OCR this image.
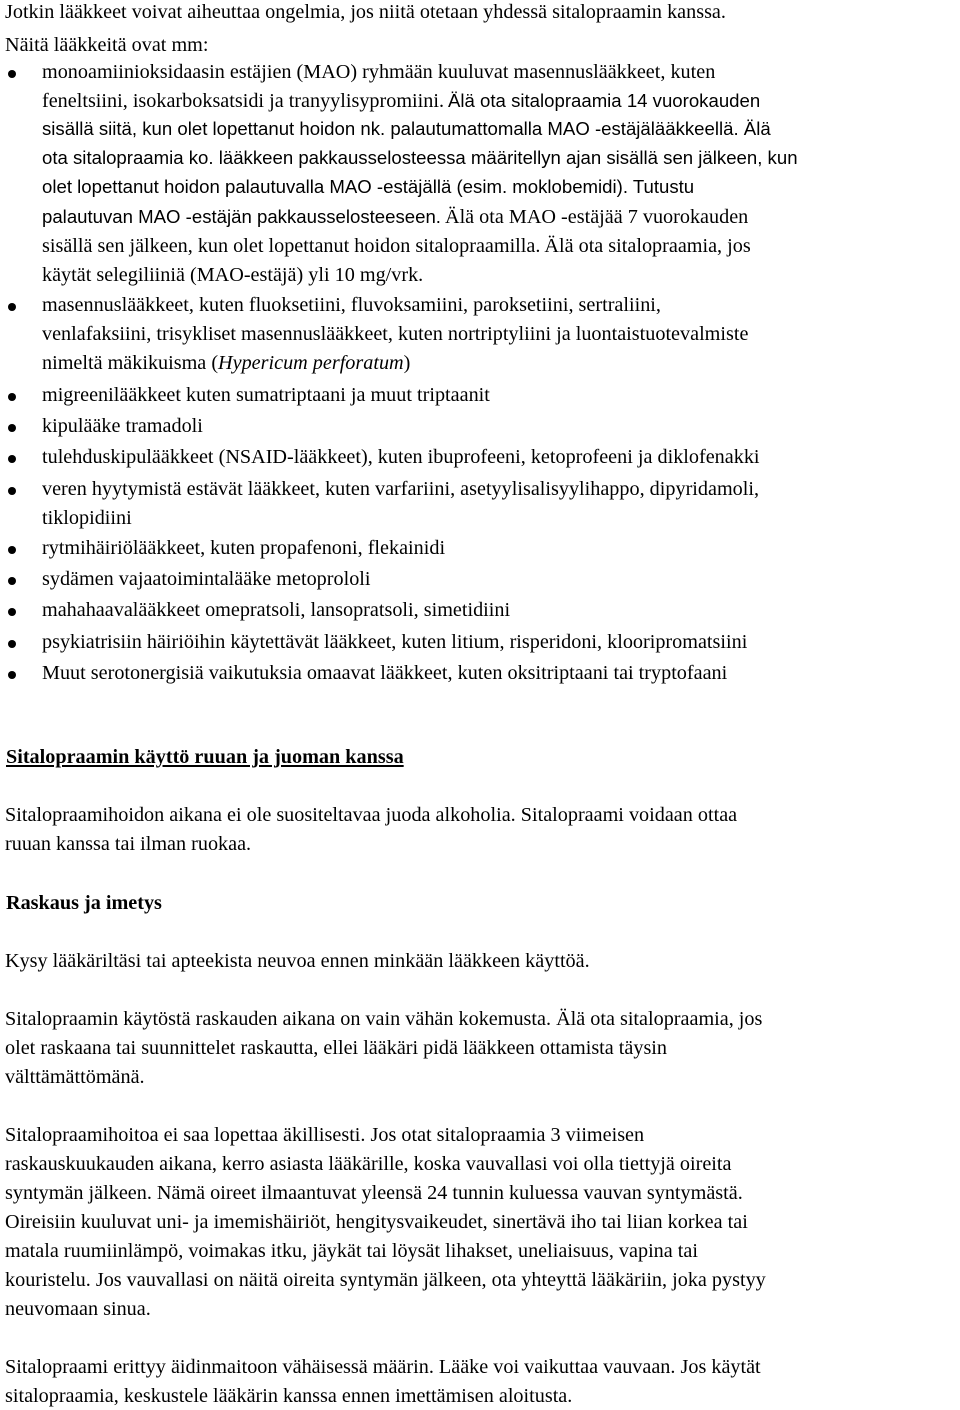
Jotkin lääkkeet voivat aiheuttaa ongelmia, jos niitä otetaan yhdessä sitalopraamin kanssa.
Näitä lääkkeitä ovat mm:
monoamiinioksidaasin estäjien (MAO) ryhmään kuuluvat masennuslääkkeet, kuten
feneltsiini, isokarboksatsidi ja tranyylisypromiini. Älä ota sitalopraamia 14 vuorokauden
sisällä siitä, kun olet lopettanut hoidon nk. palautumattomalla MAO -estäjälääkkeellä. Älä
ota sitalopraamia ko. lääkkeen pakkausselosteessa määritellyn ajan sisällä sen jälkeen, kun
olet lopettanut hoidon palautuvalla MAO -estäjällä (esim. moklobemidi). Tutustu
palautuvan MAO -estäjän pakkausselosteeseen. Älä ota MAO -estäjää 7 vuorokauden
sisällä sen jälkeen, kun olet lopettanut hoidon sitalopraamilla. Älä ota sitalopraamia, jos
käytät selegiliiniä (MAO-estäjä) yli 10 mg/vrk.
masennuslääkkeet, kuten fluoksetiini, fluvoksamiini, paroksetiini, sertraliini,
venlafaksiini, trisykliset masennuslääkkeet, kuten nortriptyliini ja luontaistuotevalmiste
nimeltä mäkikuisma (Hypericum perforatum)
migreenilääkkeet kuten sumatriptaani ja muut triptaanit
kipulääke tramadoli
tulehduskipulääkkeet (NSAID-lääkkeet), kuten ibuprofeeni, ketoprofeeni ja diklofenakki
veren hyytymistä estävät lääkkeet, kuten varfariini, asetyylisalisyylihappo, dipyridamoli,
tiklopidiini
rytmihäiriölääkkeet, kuten propafenoni, flekainidi
sydämen vajaatoimintalääke metoprololi
mahahaavalääkkeet omepratsoli, lansopratsoli, simetidiini
psykiatrisiin häiriöihin käytettävät lääkkeet, kuten litium, risperidoni, klooripromatsiini
Muut serotonergisiä vaikutuksia omaavat lääkkeet, kuten oksitriptaani tai tryptofaani
Sitalopraamin käyttö ruuan ja juoman kanssa
Sitalopraamihoidon aikana ei ole suositeltavaa juoda alkoholia. Sitalopraami voidaan ottaa
ruuan kanssa tai ilman ruokaa.
Raskaus ja imetys
Kysy lääkäriltäsi tai apteekista neuvoa ennen minkään lääkkeen käyttöä.
Sitalopraamin käytöstä raskauden aikana on vain vähän kokemusta. Älä ota sitalopraamia, jos
olet raskaana tai suunnittelet raskautta, ellei lääkäri pidä lääkkeen ottamista täysin
välttämättömänä.
Sitalopraamihoitoa ei saa lopettaa äkillisesti. Jos otat sitalopraamia 3 viimeisen
raskauskuukauden aikana, kerro asiasta lääkärille, koska vauvallasi voi olla tiettyjä oireita
syntymän jälkeen. Nämä oireet ilmaantuvat yleensä 24 tunnin kuluessa vauvan syntymästä.
Oireisiin kuuluvat uni- ja imemishäiriöt, hengitysvaikeudet, sinertävä iho tai liian korkea tai
matala ruumiinlämpö, voimakas itku, jäykät tai löysät lihakset, uneliaisuus, vapina tai
kouristelu. Jos vauvallasi on näitä oireita syntymän jälkeen, ota yhteyttä lääkäriin, joka pystyy
neuvomaan sinua.
Sitalopraami erittyy äidinmaitoon vähäisessä määrin. Lääke voi vaikuttaa vauvaan. Jos käytät
sitalopraamia, keskustele lääkärin kanssa ennen imettämisen aloitusta.
